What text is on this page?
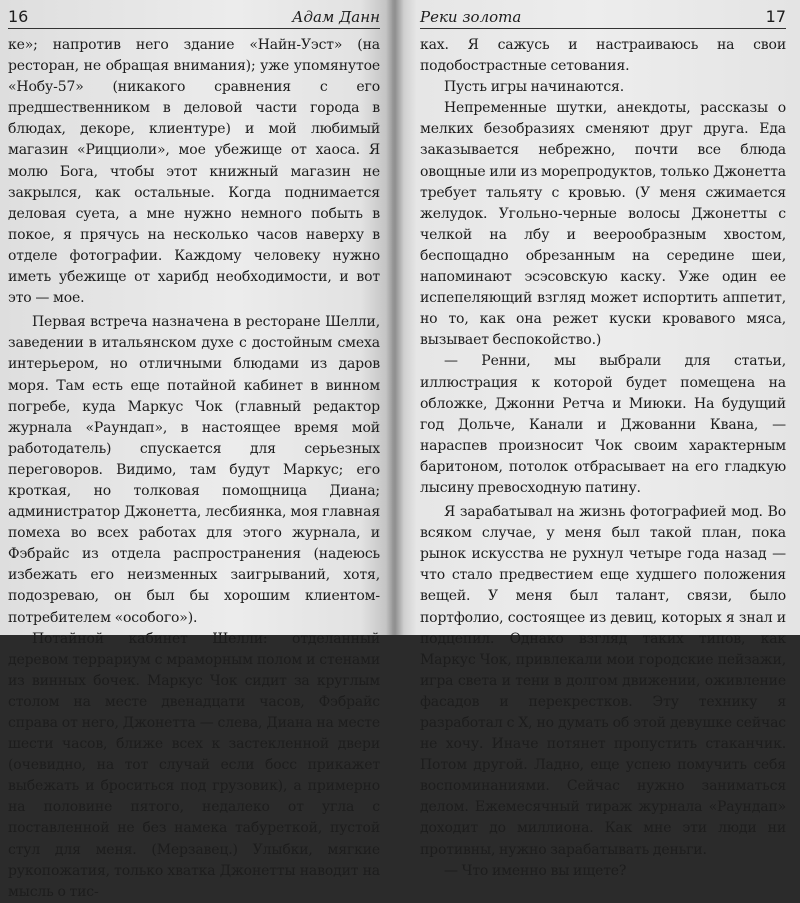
16	Адам Данн

ке»; напротив него здание «Найн-Уэст» (на ресторан, не обращая внимания); уже упомянутое «Нобу-57» (никакого сравнения с его предшественником в деловой части города в блюдах, декоре, клиентуре) и мой любимый магазин «Рицциоли», мое убежище от хаоса. Я молю Бога, чтобы этот книжный магазин не закрылся, как остальные. Когда поднимается деловая суета, а мне нужно немного побыть в покое, я прячусь на несколько часов наверху в отделе фотографии. Каждому человеку нужно иметь убежище от харибд необходимости, и вот это — мое.

Первая встреча назначена в ресторане Шелли, заведении в итальянском духе с достойным смеха интерьером, но отличными блюдами из даров моря. Там есть еще потайной кабинет в винном погребе, куда Маркус Чок (главный редактор журнала «Раундап», в настоящее время мой работодатель) спускается для серьезных переговоров. Видимо, там будут Маркус; его кроткая, но толковая помощница Диана; администратор Джонетта, лесбиянка, моя главная помеха во всех работах для этого журнала, и Фэбрайс из отдела распространения (надеюсь избежать его неизменных заигрываний, хотя, подозреваю, он был бы хорошим клиентом-потребителем «особого»).

Потайной кабинет Шелли: отделанный деревом террариум с мраморным полом и стенами из винных бочек. Маркус Чок сидит за круглым столом на месте двенадцати часов, Фэбрайс справа от него, Джонетта — слева, Диана на месте шести часов, ближе всех к застекленной двери (очевидно, на тот случай если босс прикажет выбежать и броситься под грузовик), а примерно на половине пятого, недалеко от угла с поставленной не без намека табуреткой, пустой стул для меня. (Мерзавец.) Улыбки, мягкие рукопожатия, только хватка Джонетты наводит на мысль о тис-

Реки золота	17

ках. Я сажусь и настраиваюсь на свои подобострастные сетования.

Пусть игры начинаются.

Непременные шутки, анекдоты, рассказы о мелких безобразиях сменяют друг друга. Еда заказывается небрежно, почти все блюда овощные или из морепродуктов, только Джонетта требует тальяту с кровью. (У меня сжимается желудок. Угольно-черные волосы Джонетты с челкой на лбу и веерообразным хвостом, беспощадно обрезанным на середине шеи, напоминают эсэсовскую каску. Уже один ее испепеляющий взгляд может испортить аппетит, но то, как она режет куски кровавого мяса, вызывает беспокойство.)

— Ренни, мы выбрали для статьи, иллюстрация к которой будет помещена на обложке, Джонни Ретча и Миюки. На будущий год Дольче, Канали и Джованни Квана, — нараспев произносит Чок своим характерным баритоном, потолок отбрасывает на его гладкую лысину превосходную патину.

Я зарабатывал на жизнь фотографией мод. Во всяком случае, у меня был такой план, пока рынок искусства не рухнул четыре года назад — что стало предвестием еще худшего положения вещей. У меня был талант, связи, было портфолио, состоящее из девиц, которых я знал и подцепил. Однако взгляд таких типов, как Маркус Чок, привлекали мои городские пейзажи, игра света и тени в долгом движении, оживление фасадов и перекрестков. Эту технику я разработал с Х, но думать об этой девушке сейчас не хочу. Иначе потянет пропустить стаканчик. Потом другой. Ладно, еще успею помучить себя воспоминаниями. Сейчас нужно заниматься делом. Ежемесячный тираж журнала «Раундап» доходит до миллиона. Как мне эти люди ни противны, нужно зарабатывать деньги.

— Что именно вы ищете?
